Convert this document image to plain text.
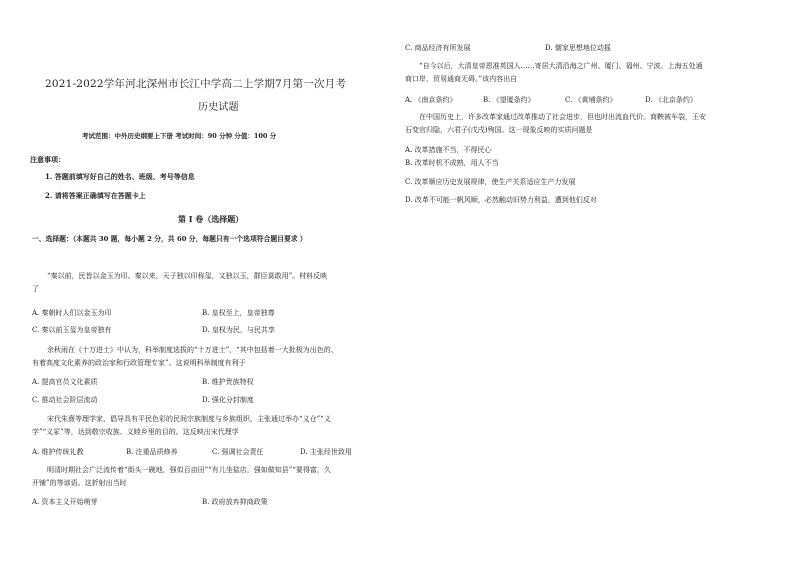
2021-2022学年河北深州市长江中学高二上学期7月第一次月考
历史试题
考试范围：中外历史纲要上下册 考试时间：90 分钟 分值：100 分
注意事项：
1. 答题前填写好自己的姓名、班级、考号等信息
2. 请将答案正确填写在答题卡上
第 I 卷（选择题）
一、选择题：（本题共 30 题，每小题 2 分，共 60 分，每题只有一个选项符合题目要求 ）
“秦以前，民皆以金玉为印。秦以来，天子独以印称玺，又独以玉，群臣莫敢用”。材料反映
了
A. 秦朝时人们以金玉为印	B. 皇权至上，皇帝独尊
C. 秦以前玉玺为皇帝独有	D. 皇权为民，与民共享
余秋雨在《十万进士》中认为，科举制度选拔的“十万进士”，“其中包括着一大批极为出色的、
有着高度文化素养的政治家和行政管理专家”。这说明科举制度有利于
A. 提高官员文化素质	B. 维护贵族特权
C. 推动社会阶层流动	D. 强化分封制度
宋代朱熹等理学家，倡导具有平民色彩的民间宗族制度与乡族组织，主张通过举办“义仓”“义
学”“义冢”等，达到敬宗收族、义睦乡里的目的。这反映出宋代理学
A. 维护传统礼教	B. 注重品质修养	C. 强调社会责任	D. 主张经世致用
明清时期社会广泛流传着“街头一碗地，强似百亩田”“有儿坐盐店，强如做知县”“要得富，久
开铺”的等谚语。这折射出当时
A. 资本主义开始萌芽	B. 政府放弃抑商政策
C. 商品经济有所发展	D. 儒家思想地位动摇
“自今以后，大清皇帝恩准英国人……寄居大清沿海之广州、厦门、福州、宁波、上海五处通
商口岸，贸易通商无碍。”该内容出自
A. 《南京条约》	B. 《望厦条约》	C. 《黄埔条约》	D. 《北京条约》
在中国历史上，许多改革家通过改革推动了社会进步，但也时出流血代价。商鞅被车裂，王安
石变官归隐，六君子(戊戌)殉国。这一现象反映的实质问题是
A. 改革措施不当，不得民心
B. 改革时机不成熟，用人不当
C. 改革顺应历史发展规律，使生产关系适应生产力发展
D. 改革不可能一帆风顺，必然触动旧势力利益，遭到他们反对
